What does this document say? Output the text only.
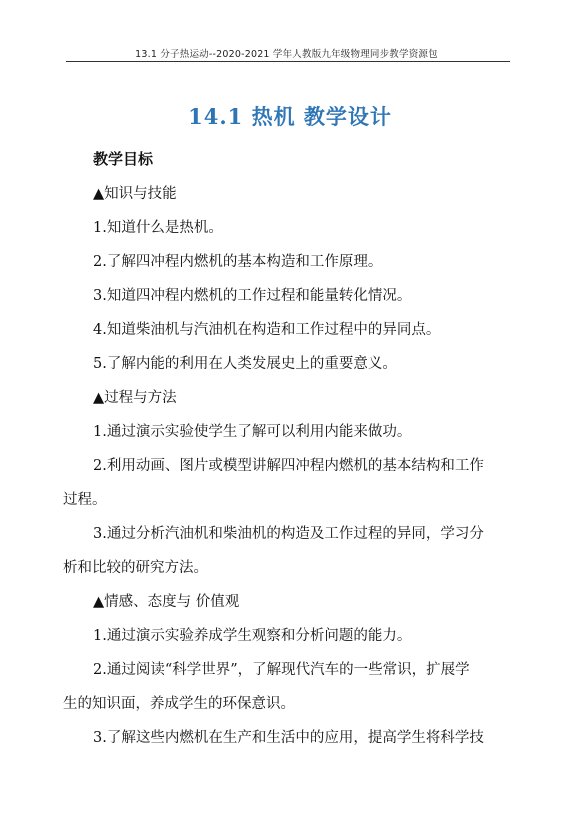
13.1 分子热运动--2020-2021 学年人教版九年级物理同步教学资源包
14.1 热机 教学设计
教学目标
▲知识与技能
1.知道什么是热机。
2.了解四冲程内燃机的基本构造和工作原理。
3.知道四冲程内燃机的工作过程和能量转化情况。
4.知道柴油机与汽油机在构造和工作过程中的异同点。
5.了解内能的利用在人类发展史上的重要意义。
▲过程与方法
1.通过演示实验使学生了解可以利用内能来做功。
2.利用动画、图片或模型讲解四冲程内燃机的基本结构和工作
过程。
3.通过分析汽油机和柴油机的构造及工作过程的异同，学习分
析和比较的研究方法。
▲情感、态度与 价值观
1.通过演示实验养成学生观察和分析问题的能力。
2.通过阅读“科学世界”，了解现代汽车的一些常识，扩展学
生的知识面，养成学生的环保意识。
3.了解这些内燃机在生产和生活中的应用，提高学生将科学技
